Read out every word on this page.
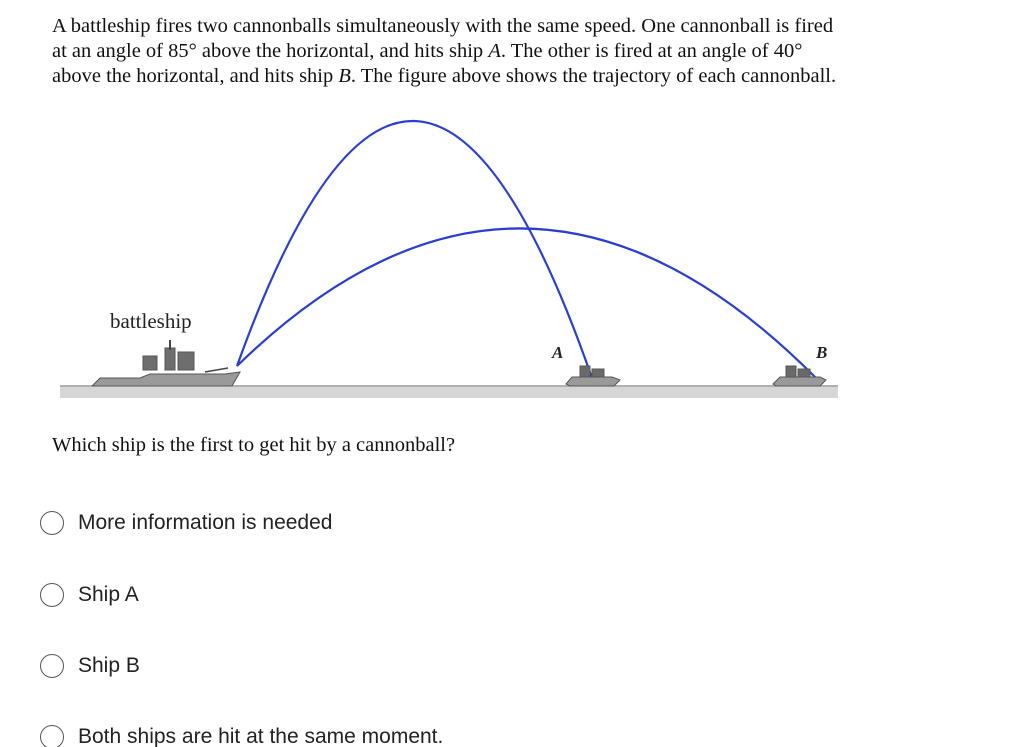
A battleship fires two cannonballs simultaneously with the same speed. One cannonball is fired
at an angle of 85° above the horizontal, and hits ship A. The other is fired at an angle of 40°
above the horizontal, and hits ship B. The figure above shows the trajectory of each cannonball.
battleship
A	B
Which ship is the first to get hit by a cannonball?
More information is needed
Ship A
Ship B
Both ships are hit at the same moment.
